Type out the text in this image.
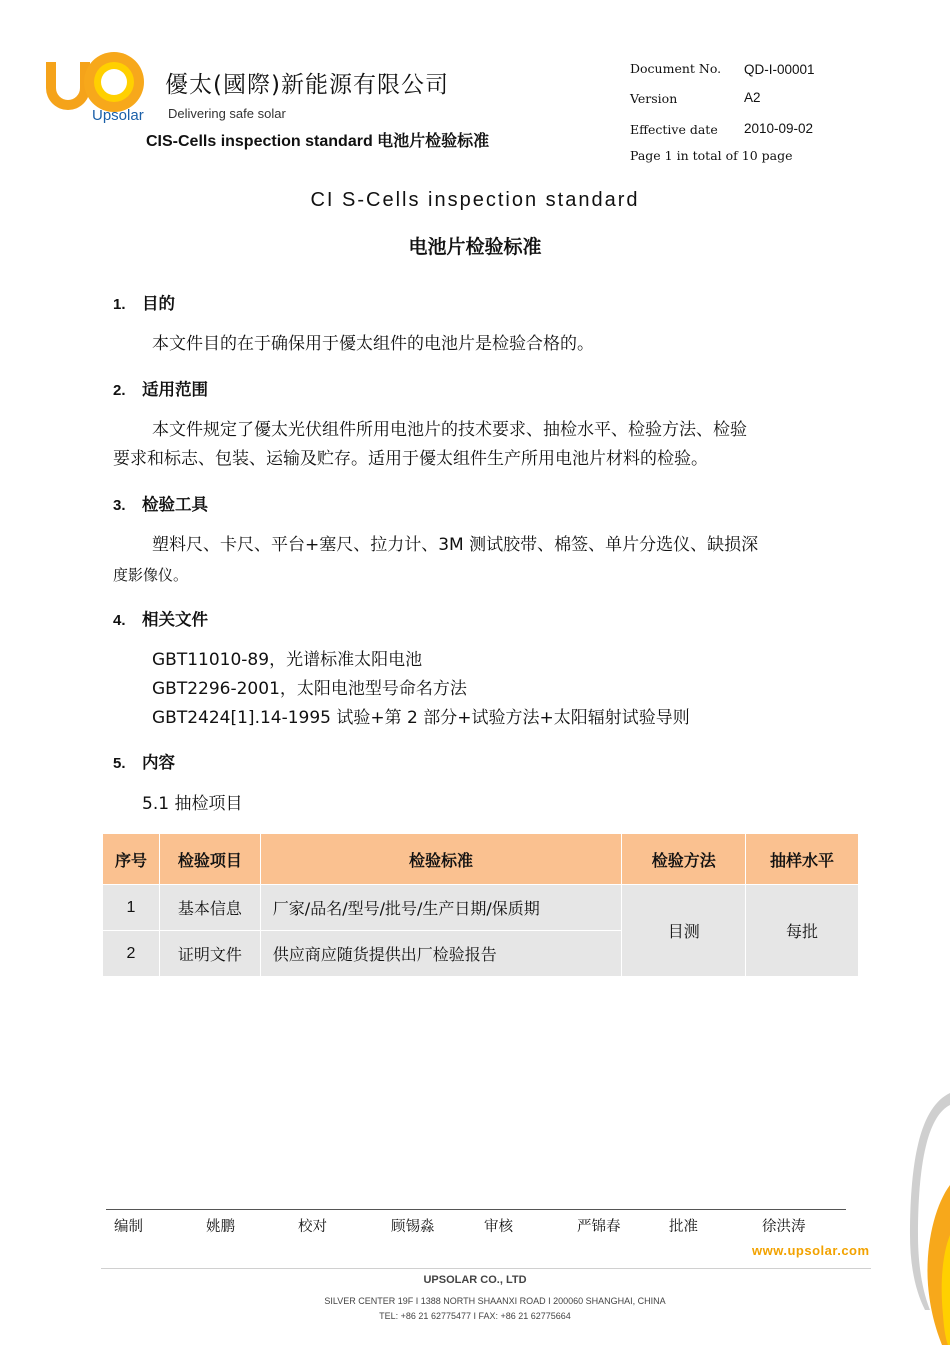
Upsolar
優太(國際)新能源有限公司
Delivering safe solar
CIS-Cells inspection standard 电池片检验标准
Document No. QD-I-00001
Version	A2
Effective date 2010-09-02
Page 1 in total of 10 page
CI S-Cells inspection standard
电池片检验标准
1. 目的
本文件目的在于确保用于優太组件的电池片是检验合格的。
2. 适用范围
本文件规定了優太光伏组件所用电池片的技术要求、抽检水平、检验方法、检验
要求和标志、包装、运输及贮存。适用于優太组件生产所用电池片材料的检验。
3. 检验工具
塑料尺、卡尺、平台+塞尺、拉力计、3M 测试胶带、棉签、单片分选仪、缺损深
度影像仪。
4. 相关文件
GBT11010-89，光谱标准太阳电池
GBT2296-2001，太阳电池型号命名方法
GBT2424[1].14-1995 试验+第 2 部分+试验方法+太阳辐射试验导则
5. 内容
5.1 抽检项目
序号	检验项目	检验标准	检验方法	抽样水平
1	基本信息	厂家/品名/型号/批号/生产日期/保质期	目测	每批
2	证明文件	供应商应随货提供出厂检验报告		
编制	姚鹏	校对	顾锡淼	审核	严锦春	批准	徐洪涛
www.upsolar.com
UPSOLAR CO., LTD
SILVER CENTER 19F I 1388 NORTH SHAANXI ROAD I 200060 SHANGHAI, CHINA
TEL: +86 21 62775477 I FAX: +86 21 62775664
